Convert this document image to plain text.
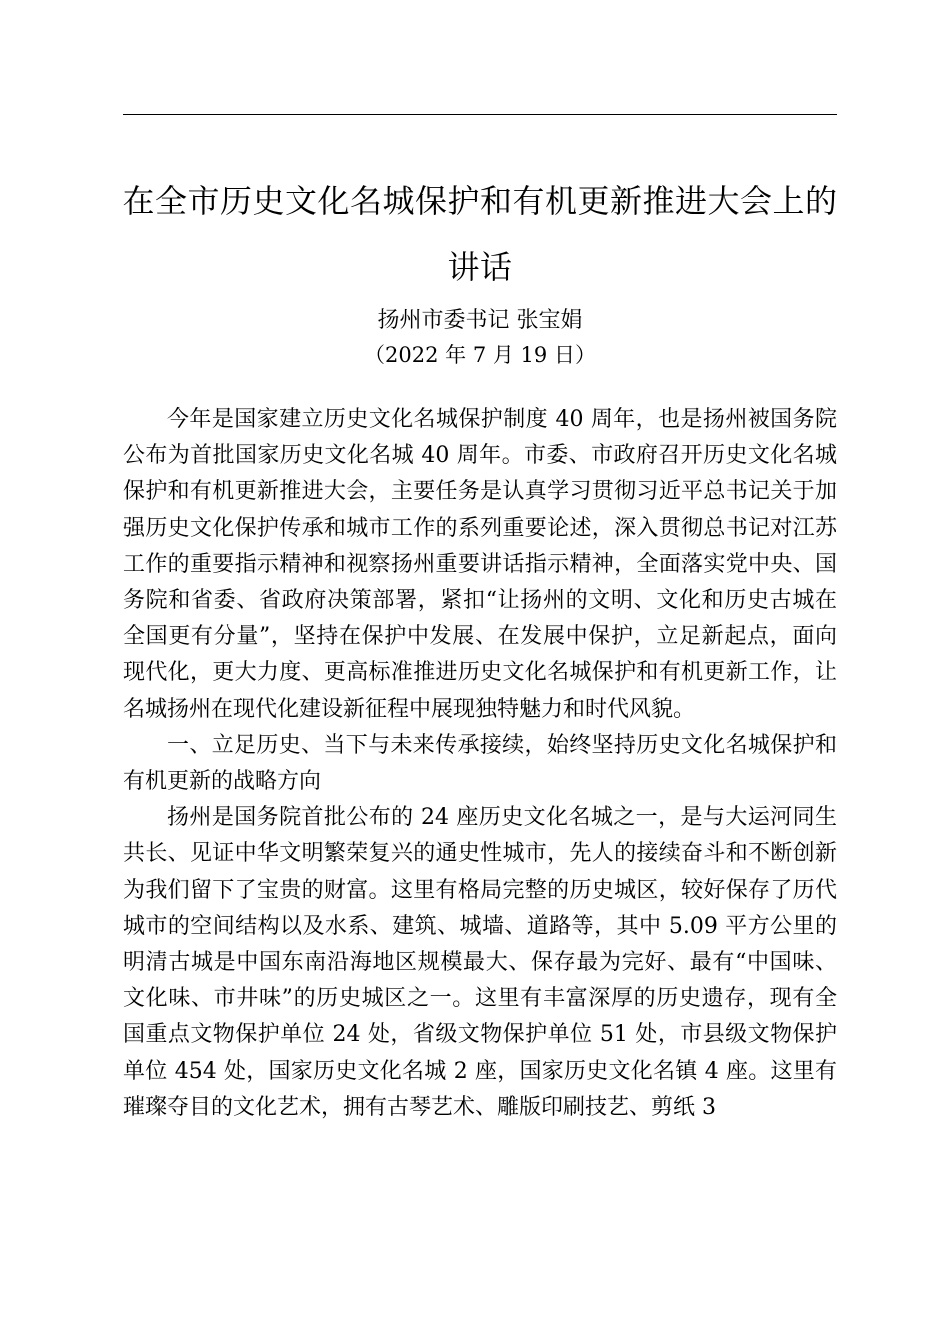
在全市历史文化名城保护和有机更新推进大会上的讲话
扬州市委书记 张宝娟
（2022 年 7 月 19 日）

今年是国家建立历史文化名城保护制度 40 周年，也是扬州被国务院公布为首批国家历史文化名城 40 周年。市委、市政府召开历史文化名城保护和有机更新推进大会，主要任务是认真学习贯彻习近平总书记关于加强历史文化保护传承和城市工作的系列重要论述，深入贯彻总书记对江苏工作的重要指示精神和视察扬州重要讲话指示精神，全面落实党中央、国务院和省委、省政府决策部署，紧扣“让扬州的文明、文化和历史古城在全国更有分量”，坚持在保护中发展、在发展中保护，立足新起点，面向现代化，更大力度、更高标准推进历史文化名城保护和有机更新工作，让名城扬州在现代化建设新征程中展现独特魅力和时代风貌。

一、立足历史、当下与未来传承接续，始终坚持历史文化名城保护和有机更新的战略方向

扬州是国务院首批公布的 24 座历史文化名城之一，是与大运河同生共长、见证中华文明繁荣复兴的通史性城市，先人的接续奋斗和不断创新为我们留下了宝贵的财富。这里有格局完整的历史城区，较好保存了历代城市的空间结构以及水系、建筑、城墙、道路等，其中 5.09 平方公里的明清古城是中国东南沿海地区规模最大、保存最为完好、最有“中国味、文化味、市井味”的历史城区之一。这里有丰富深厚的历史遗存，现有全国重点文物保护单位 24 处，省级文物保护单位 51 处，市县级文物保护单位 454 处，国家历史文化名城 2 座，国家历史文化名镇 4 座。这里有璀璨夺目的文化艺术，拥有古琴艺术、雕版印刷技艺、剪纸 3
